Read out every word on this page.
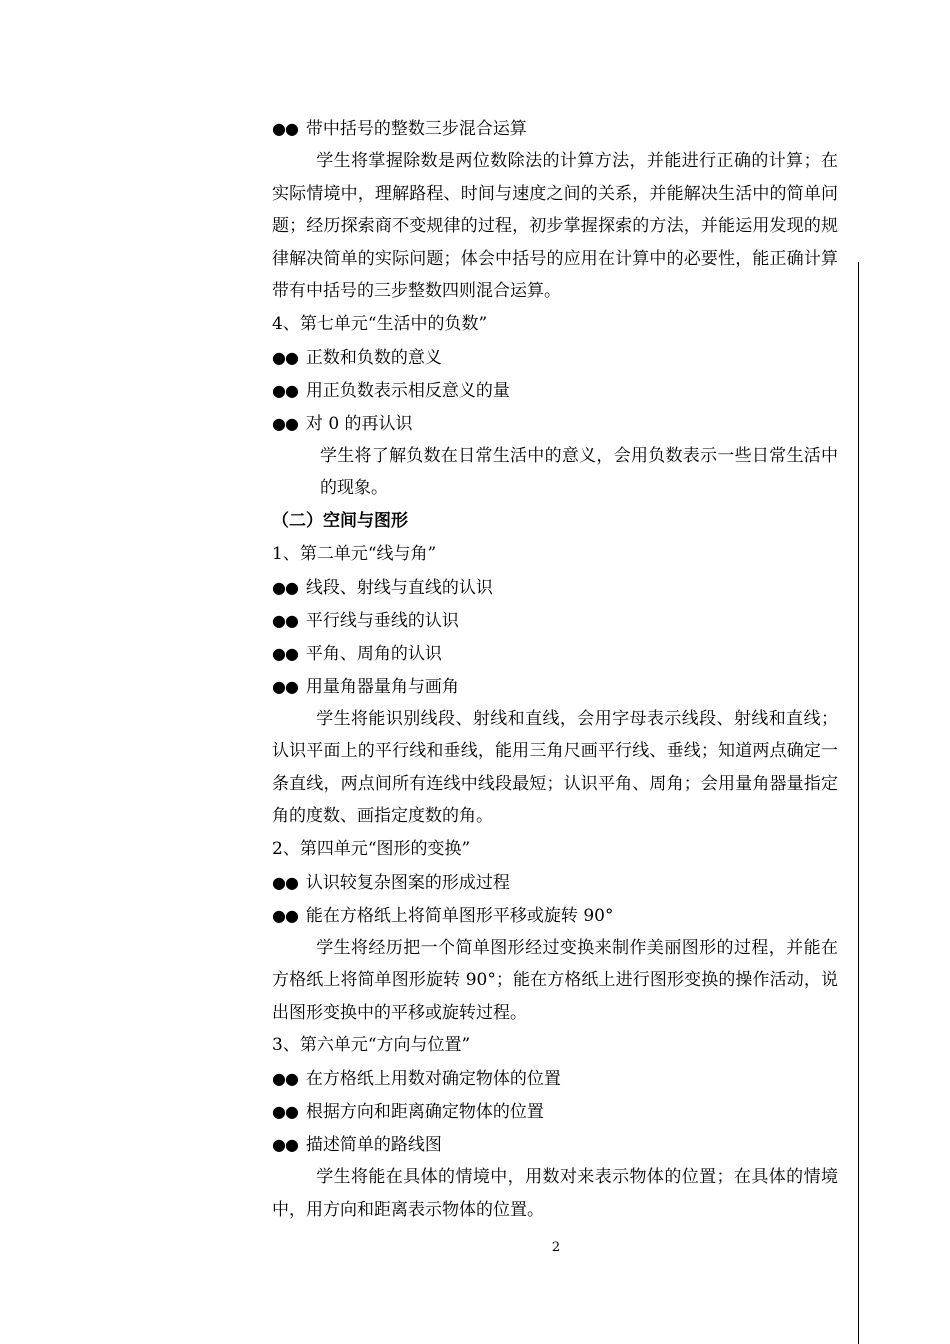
●● 带中括号的整数三步混合运算

学生将掌握除数是两位数除法的计算方法，并能进行正确的计算；在实际情境中，理解路程、时间与速度之间的关系，并能解决生活中的简单问题；经历探索商不变规律的过程，初步掌握探索的方法，并能运用发现的规律解决简单的实际问题；体会中括号的应用在计算中的必要性，能正确计算带有中括号的三步整数四则混合运算。

4、第七单元“生活中的负数”
●● 正数和负数的意义
●● 用正负数表示相反意义的量
●● 对 0 的再认识

学生将了解负数在日常生活中的意义，会用负数表示一些日常生活中的现象。

（二）空间与图形
1、第二单元“线与角”
●● 线段、射线与直线的认识
●● 平行线与垂线的认识
●● 平角、周角的认识
●● 用量角器量角与画角

学生将能识别线段、射线和直线，会用字母表示线段、射线和直线；认识平面上的平行线和垂线，能用三角尺画平行线、垂线；知道两点确定一条直线，两点间所有连线中线段最短；认识平角、周角；会用量角器量指定角的度数、画指定度数的角。

2、第四单元“图形的变换”
●● 认识较复杂图案的形成过程
●● 能在方格纸上将简单图形平移或旋转 90°

学生将经历把一个简单图形经过变换来制作美丽图形的过程，并能在方格纸上将简单图形旋转 90°；能在方格纸上进行图形变换的操作活动，说出图形变换中的平移或旋转过程。

3、第六单元“方向与位置”
●● 在方格纸上用数对确定物体的位置
●● 根据方向和距离确定物体的位置
●● 描述简单的路线图

学生将能在具体的情境中，用数对来表示物体的位置；在具体的情境中，用方向和距离表示物体的位置。

2
